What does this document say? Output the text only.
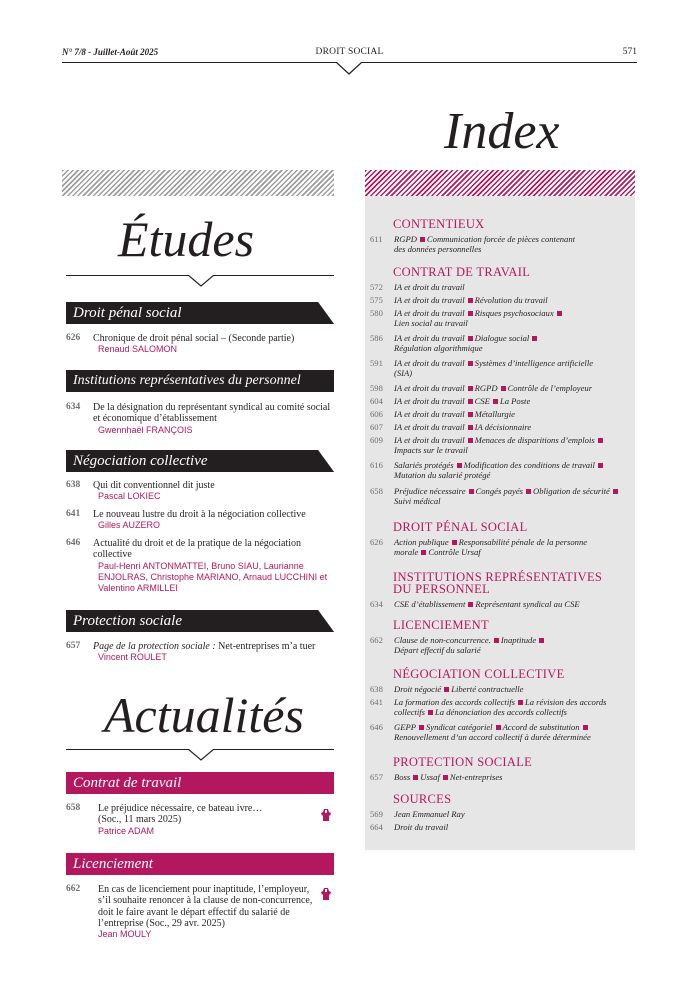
N° 7/8 - Juillet-Août 2025	DROIT SOCIAL	571
Index
Études
Droit pénal social
626 Chronique de droit pénal social – (Seconde partie)
Renaud SALOMON
Institutions représentatives du personnel
634 De la désignation du représentant syndical au comité social et économique d’établissement
Gwennhaël FRANÇOIS
Négociation collective
638 Qui dit conventionnel dit juste
Pascal LOKIEC
641 Le nouveau lustre du droit à la négociation collective
Gilles AUZERO
646 Actualité du droit et de la pratique de la négociation collective
Paul-Henri ANTONMATTEI, Bruno SIAU, Laurianne ENJOLRAS, Christophe MARIANO, Arnaud LUCCHINI et Valentino ARMILLEI
Protection sociale
657 Page de la protection sociale : Net-entreprises m’a tuer
Vincent ROULET
Actualités
Contrat de travail
658 Le préjudice nécessaire, ce bateau ivre… (Soc., 11 mars 2025)
Patrice ADAM
Licenciement
662 En cas de licenciement pour inaptitude, l’employeur, s’il souhaite renoncer à la clause de non-concurrence, doit le faire avant le départ effectif du salarié de l’entreprise (Soc., 29 avr. 2025)
Jean MOULY
CONTENTIEUX
611 RGPD Communication forcée de pièces contenant
des données personnelles
CONTRAT DE TRAVAIL
572 IA et droit du travail
575 IA et droit du travail Révolution du travail
580 IA et droit du travail Risques psychosociaux
Lien social au travail
586 IA et droit du travail Dialogue social
Régulation algorithmique
591 IA et droit du travail Systèmes d’intelligence artificielle
(SIA)
598 IA et droit du travail RGPD Contrôle de l’employeur
604 IA et droit du travail CSE La Poste
606 IA et droit du travail Métallurgie
607 IA et droit du travail IA décisionnaire
609 IA et droit du travail Menaces de disparitions d’emplois
Impacts sur le travail
616 Salariés protégés Modification des conditions de travail
Mutation du salarié protégé
658 Préjudice nécessaire Congés payés Obligation de sécurité
Suivi médical
DROIT PÉNAL SOCIAL
626 Action publique Responsabilité pénale de la personne
morale Contrôle Ursaf
INSTITUTIONS REPRÉSENTATIVES
DU PERSONNEL
634 CSE d’établissement Représentant syndical au CSE
LICENCIEMENT
662 Clause de non-concurrence. Inaptitude
Départ effectif du salarié
NÉGOCIATION COLLECTIVE
638 Droit négocié Liberté contractuelle
641 La formation des accords collectifs La révision des accords
collectifs La dénonciation des accords collectifs
646 GEPP Syndicat catégoriel Accord de substitution
Renouvellement d’un accord collectif à durée déterminée
PROTECTION SOCIALE
657 Boss Ussaf Net-entreprises
SOURCES
569 Jean Emmanuel Ray
664 Droit du travail
